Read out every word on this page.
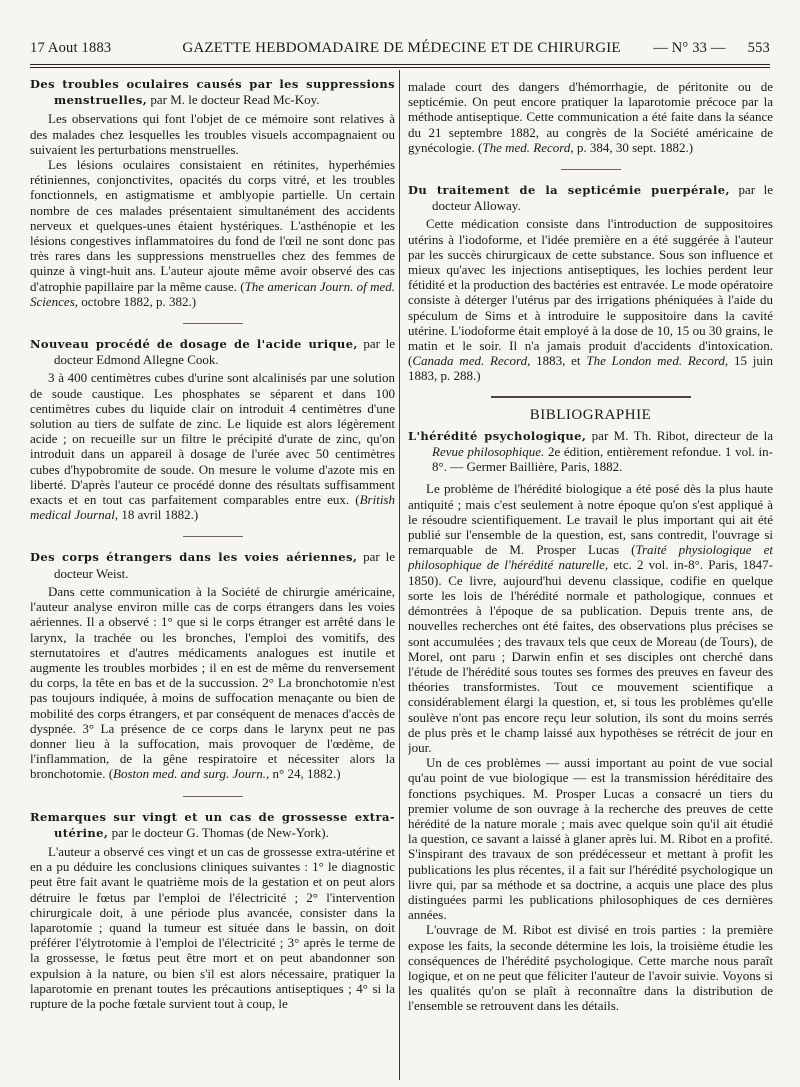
17 Aout 1883	GAZETTE HEBDOMADAIRE DE MÉDECINE ET DE CHIRURGIE	— N° 33 — 553
Des troubles oculaires causés par les suppressions menstruelles, par M. le docteur Read Mc-Koy.

Les observations qui font l'objet de ce mémoire sont relatives à des malades chez lesquelles les troubles visuels accompagnaient ou suivaient les perturbations menstruelles.

Les lésions oculaires consistaient en rétinites, hyperhémies rétiniennes, conjonctivites, opacités du corps vitré, et les troubles fonctionnels, en astigmatisme et amblyopie partielle. Un certain nombre de ces malades présentaient simultanément des accidents nerveux et quelques-unes étaient hystériques. L'asthénopie et les lésions congestives inflammatoires du fond de l'œil ne sont donc pas très rares dans les suppressions menstruelles chez des femmes de quinze à vingt-huit ans. L'auteur ajoute même avoir observé des cas d'atrophie papillaire par la même cause. (The american Journ. of med. Sciences, octobre 1882, p. 382.)

Nouveau procédé de dosage de l'acide urique, par le docteur Edmond Allegne Cook.

3 à 400 centimètres cubes d'urine sont alcalinisés par une solution de soude caustique. Les phosphates se séparent et dans 100 centimètres cubes du liquide clair on introduit 4 centimètres d'une solution au tiers de sulfate de zinc. Le liquide est alors légèrement acide ; on recueille sur un filtre le précipité d'urate de zinc, qu'on introduit dans un appareil à dosage de l'urée avec 50 centimètres cubes d'hypobromite de soude. On mesure le volume d'azote mis en liberté. D'après l'auteur ce procédé donne des résultats suffisamment exacts et en tout cas parfaitement comparables entre eux. (British medical Journal, 18 avril 1882.)

Des corps étrangers dans les voies aériennes, par le docteur Weist.

Dans cette communication à la Société de chirurgie américaine, l'auteur analyse environ mille cas de corps étrangers dans les voies aériennes. Il a observé : 1° que si le corps étranger est arrêté dans le larynx, la trachée ou les bronches, l'emploi des vomitifs, des sternutatoires et d'autres médicaments analogues est inutile et augmente les troubles morbides ; il en est de même du renversement du corps, la tête en bas et de la succussion. 2° La bronchotomie n'est pas toujours indiquée, à moins de suffocation menaçante ou bien de mobilité des corps étrangers, et par conséquent de menaces d'accès de dyspnée. 3° La présence de ce corps dans le larynx peut ne pas donner lieu à la suffocation, mais provoquer de l'œdème, de l'inflammation, de la gêne respiratoire et nécessiter alors la bronchotomie. (Boston med. and surg. Journ., n° 24, 1882.)

Remarques sur vingt et un cas de grossesse extra-utérine, par le docteur G. Thomas (de New-York).

L'auteur a observé ces vingt et un cas de grossesse extra-utérine et en a pu déduire les conclusions cliniques suivantes : 1° le diagnostic peut être fait avant le quatrième mois de la gestation et on peut alors détruire le fœtus par l'emploi de l'électricité ; 2° l'intervention chirurgicale doit, à une période plus avancée, consister dans la laparotomie ; quand la tumeur est située dans le bassin, on doit préférer l'élytrotomie à l'emploi de l'électricité ; 3° après le terme de la grossesse, le fœtus peut être mort et on peut abandonner son expulsion à la nature, ou bien s'il est alors nécessaire, pratiquer la laparotomie en prenant toutes les précautions antiseptiques ; 4° si la rupture de la poche fœtale survient tout à coup, le

malade court des dangers d'hémorrhagie, de péritonite ou de septicémie. On peut encore pratiquer la laparotomie précoce par la méthode antiseptique. Cette communication a été faite dans la séance du 21 septembre 1882, au congrès de la Société américaine de gynécologie. (The med. Record, p. 384, 30 sept. 1882.)

Du traitement de la septicémie puerpérale, par le docteur Alloway.

Cette médication consiste dans l'introduction de suppositoires utérins à l'iodoforme, et l'idée première en a été suggérée à l'auteur par les succès chirurgicaux de cette substance. Sous son influence et mieux qu'avec les injections antiseptiques, les lochies perdent leur fétidité et la production des bactéries est entravée. Le mode opératoire consiste à déterger l'utérus par des irrigations phéniquées à l'aide du spéculum de Sims et à introduire le suppositoire dans la cavité utérine. L'iodoforme était employé à la dose de 10, 15 ou 30 grains, le matin et le soir. Il n'a jamais produit d'accidents d'intoxication. (Canada med. Record, 1883, et The London med. Record, 15 juin 1883, p. 288.)

BIBLIOGRAPHIE
L'hérédité psychologique, par M. Th. Ribot, directeur de la Revue philosophique. 2e édition, entièrement refondue. 1 vol. in-8°. — Germer Baillière, Paris, 1882.

Le problème de l'hérédité biologique a été posé dès la plus haute antiquité ; mais c'est seulement à notre époque qu'on s'est appliqué à le résoudre scientifiquement. Le travail le plus important qui ait été publié sur l'ensemble de la question, est, sans contredit, l'ouvrage si remarquable de M. Prosper Lucas (Traité physiologique et philosophique de l'hérédité naturelle, etc. 2 vol. in-8°. Paris, 1847-1850). Ce livre, aujourd'hui devenu classique, codifie en quelque sorte les lois de l'hérédité normale et pathologique, connues et démontrées à l'époque de sa publication. Depuis trente ans, de nouvelles recherches ont été faites, des observations plus précises se sont accumulées ; des travaux tels que ceux de Moreau (de Tours), de Morel, ont paru ; Darwin enfin et ses disciples ont cherché dans l'étude de l'hérédité sous toutes ses formes des preuves en faveur des théories transformistes. Tout ce mouvement scientifique a considérablement élargi la question, et, si tous les problèmes qu'elle soulève n'ont pas encore reçu leur solution, ils sont du moins serrés de plus près et le champ laissé aux hypothèses se rétrécit de jour en jour.

Un de ces problèmes — aussi important au point de vue social qu'au point de vue biologique — est la transmission héréditaire des fonctions psychiques. M. Prosper Lucas a consacré un tiers du premier volume de son ouvrage à la recherche des preuves de cette hérédité de la nature morale ; mais avec quelque soin qu'il ait étudié la question, ce savant a laissé à glaner après lui. M. Ribot en a profité. S'inspirant des travaux de son prédécesseur et mettant à profit les publications les plus récentes, il a fait sur l'hérédité psychologique un livre qui, par sa méthode et sa doctrine, a acquis une place des plus distinguées parmi les publications philosophiques de ces dernières années.

L'ouvrage de M. Ribot est divisé en trois parties : la première expose les faits, la seconde détermine les lois, la troisième étudie les conséquences de l'hérédité psychologique. Cette marche nous paraît logique, et on ne peut que féliciter l'auteur de l'avoir suivie. Voyons si les qualités qu'on se plaît à reconnaître dans la distribution de l'ensemble se retrouvent dans les détails.
